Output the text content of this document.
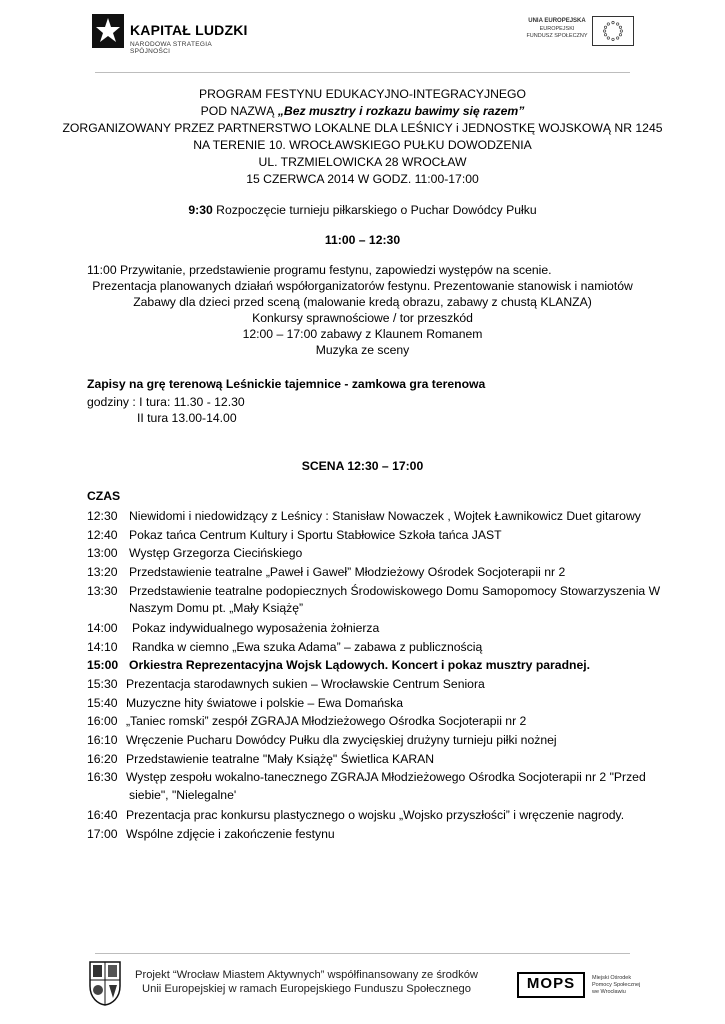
KAPITAŁ LUDZKI
NARODOWA STRATEGIA SPÓJNOŚCI
UNIA EUROPEJSKA
EUROPEJSKI
FUNDUSZ SPOŁECZNY
PROGRAM FESTYNU EDUKACYJNO-INTEGRACYJNEGO
POD NAZWĄ „Bez musztry i rozkazu bawimy się razem”
ZORGANIZOWANY PRZEZ PARTNERSTWO LOKALNE DLA LEŚNICY i JEDNOSTKĘ WOJSKOWĄ NR 1245
NA TERENIE 10. WROCŁAWSKIEGO PUŁKU DOWODZENIA
UL. TRZMIELOWICKA 28 WROCŁAW
15 CZERWCA 2014 W GODZ. 11:00-17:00
9:30 Rozpoczęcie turnieju piłkarskiego o Puchar Dowódcy Pułku
11:00 – 12:30
11:00 Przywitanie, przedstawienie programu festynu, zapowiedzi występów na scenie.
Prezentacja planowanych działań współorganizatorów festynu. Prezentowanie stanowisk i namiotów
Zabawy dla dzieci przed sceną (malowanie kredą obrazu, zabawy z chustą KLANZA)
Konkursy sprawnościowe / tor przeszkód
12:00 – 17:00 zabawy z Klaunem Romanem
Muzyka ze sceny
Zapisy na grę terenową Leśnickie tajemnice - zamkowa gra terenowa
godziny : I tura: 11.30 - 12.30
II tura 13.00-14.00
SCENA 12:30 – 17:00
CZAS
12:30 Niewidomi i niedowidzący z Leśnicy : Stanisław Nowaczek , Wojtek Ławnikowicz Duet gitarowy
12:40 Pokaz tańca Centrum Kultury i Sportu Stabłowice Szkoła tańca JAST
13:00 Występ Grzegorza Ciecińskiego
13:20 Przedstawienie teatralne „Paweł i Gaweł” Młodzieżowy Ośrodek Socjoterapii nr 2
13:30 Przedstawienie teatralne podopiecznych Środowiskowego Domu Samopomocy Stowarzyszenia W
Naszym Domu pt. „Mały Książę”
14:00 Pokaz indywidualnego wyposażenia żołnierza
14:10 Randka w ciemno „Ewa szuka Adama” – zabawa z publicznością
15:00 Orkiestra Reprezentacyjna Wojsk Lądowych. Koncert i pokaz musztry paradnej.
15:30 Prezentacja starodawnych sukien – Wrocławskie Centrum Seniora
15:40 Muzyczne hity światowe i polskie – Ewa Domańska
16:00 „Taniec romski” zespół ZGRAJA Młodzieżowego Ośrodka Socjoterapii nr 2
16:10 Wręczenie Pucharu Dowódcy Pułku dla zwycięskiej drużyny turnieju piłki nożnej
16:20 Przedstawienie teatralne "Mały Książę" Świetlica KARAN
16:30 Występ zespołu wokalno-tanecznego ZGRAJA Młodzieżowego Ośrodka Socjoterapii nr 2 "Przed
siebie", "Nielegalne'
16:40 Prezentacja prac konkursu plastycznego o wojsku „Wojsko przyszłości” i wręczenie nagrody.
17:00 Wspólne zdjęcie i zakończenie festynu
Projekt “Wrocław Miastem Aktywnych” współfinansowany ze środków
Unii Europejskiej w ramach Europejskiego Funduszu Społecznego	MOPS	Miejski Ośrodek
Pomocy Społecznej
we Wrocławiu
